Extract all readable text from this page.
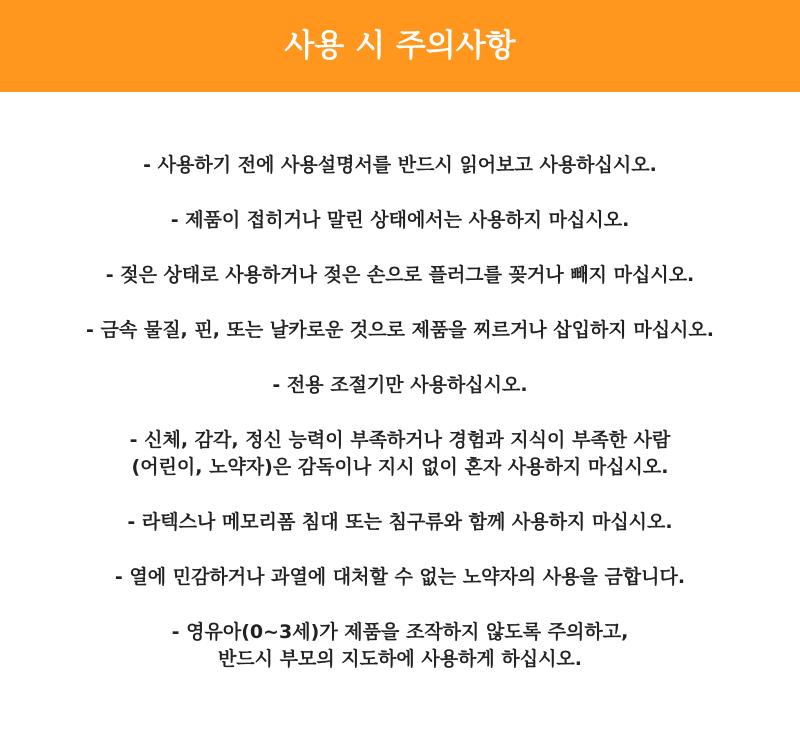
사용 시 주의사항
- 사용하기 전에 사용설명서를 반드시 읽어보고 사용하십시오.
- 제품이 접히거나 말린 상태에서는 사용하지 마십시오.
- 젖은 상태로 사용하거나 젖은 손으로 플러그를 꽂거나 빼지 마십시오.
- 금속 물질, 핀, 또는 날카로운 것으로 제품을 찌르거나 삽입하지 마십시오.
- 전용 조절기만 사용하십시오.
- 신체, 감각, 정신 능력이 부족하거나 경험과 지식이 부족한 사람
(어린이, 노약자)은 감독이나 지시 없이 혼자 사용하지 마십시오.
- 라텍스나 메모리폼 침대 또는 침구류와 함께 사용하지 마십시오.
- 열에 민감하거나 과열에 대처할 수 없는 노약자의 사용을 금합니다.
- 영유아(0~3세)가 제품을 조작하지 않도록 주의하고,
반드시 부모의 지도하에 사용하게 하십시오.
